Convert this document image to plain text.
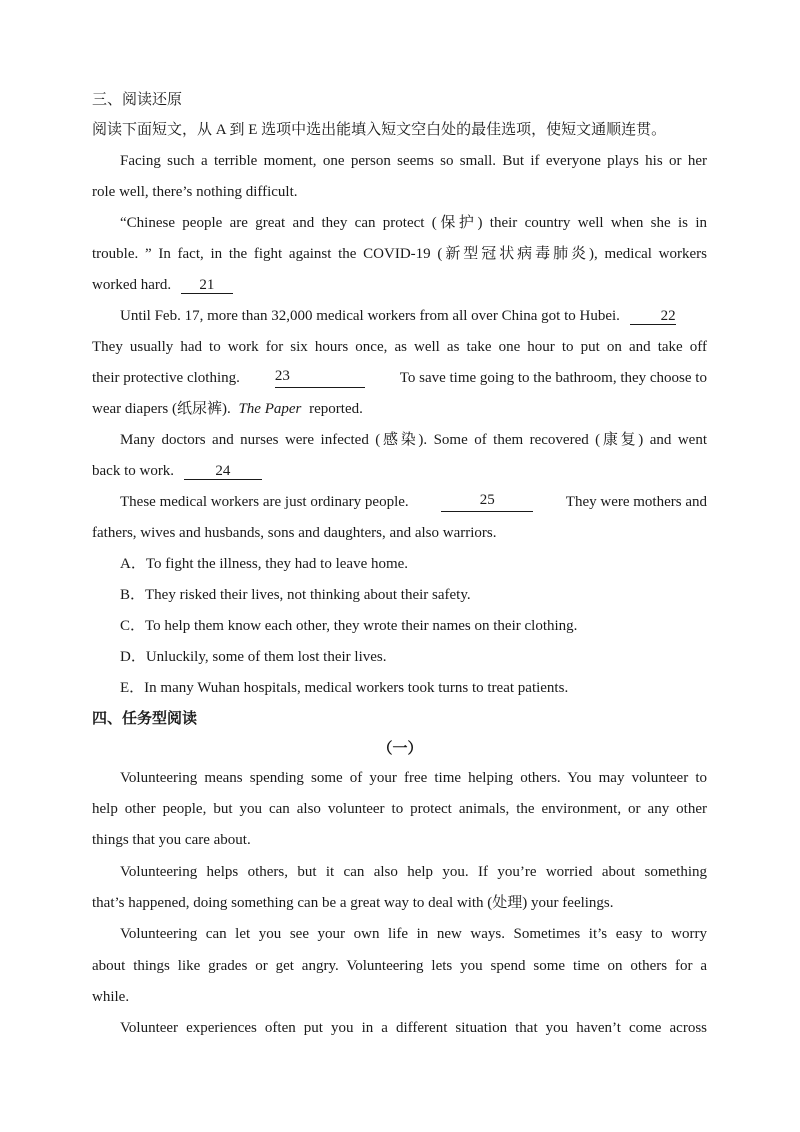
三、阅读还原
阅读下面短文，从 A 到 E 选项中选出能填入短文空白处的最佳选项，使短文通顺连贯。
Facing such a terrible moment, one person seems so small. But if everyone plays his or her
role well, there’s nothing difficult.
“Chinese people are great and they can protect (保护) their country well when she is in
trouble. ” In fact, in the fight against the COVID-19 (新型冠状病毒肺炎), medical workers
worked hard. 21
Until Feb. 17, more than 32,000 medical workers from all over China got to Hubei.	22
They usually had to work for six hours once, as well as take one hour to put on and take off
their protective clothing. 23	To save time going to the bathroom, they choose to
wear diapers (纸尿裤). The Paper reported.
Many doctors and nurses were infected (感染). Some of them recovered (康复) and went
back to work.	24
These medical workers are just ordinary people.	25	They were mothers and
fathers, wives and husbands, sons and daughters, and also warriors.
A．To fight the illness, they had to leave home.
B．They risked their lives, not thinking about their safety.
C．To help them know each other, they wrote their names on their clothing.
D．Unluckily, some of them lost their lives.
E．In many Wuhan hospitals, medical workers took turns to treat patients.
四、任务型阅读
（一）
Volunteering means spending some of your free time helping others. You may volunteer to
help other people, but you can also volunteer to protect animals, the environment, or any other
things that you care about.
Volunteering helps others, but it can also help you. If you’re worried about something
that’s happened, doing something can be a great way to deal with (处理) your feelings.
Volunteering can let you see your own life in new ways. Sometimes it’s easy to worry
about things like grades or get angry. Volunteering lets you spend some time on others for a
while.
Volunteer experiences often put you in a different situation that you haven’t come across
